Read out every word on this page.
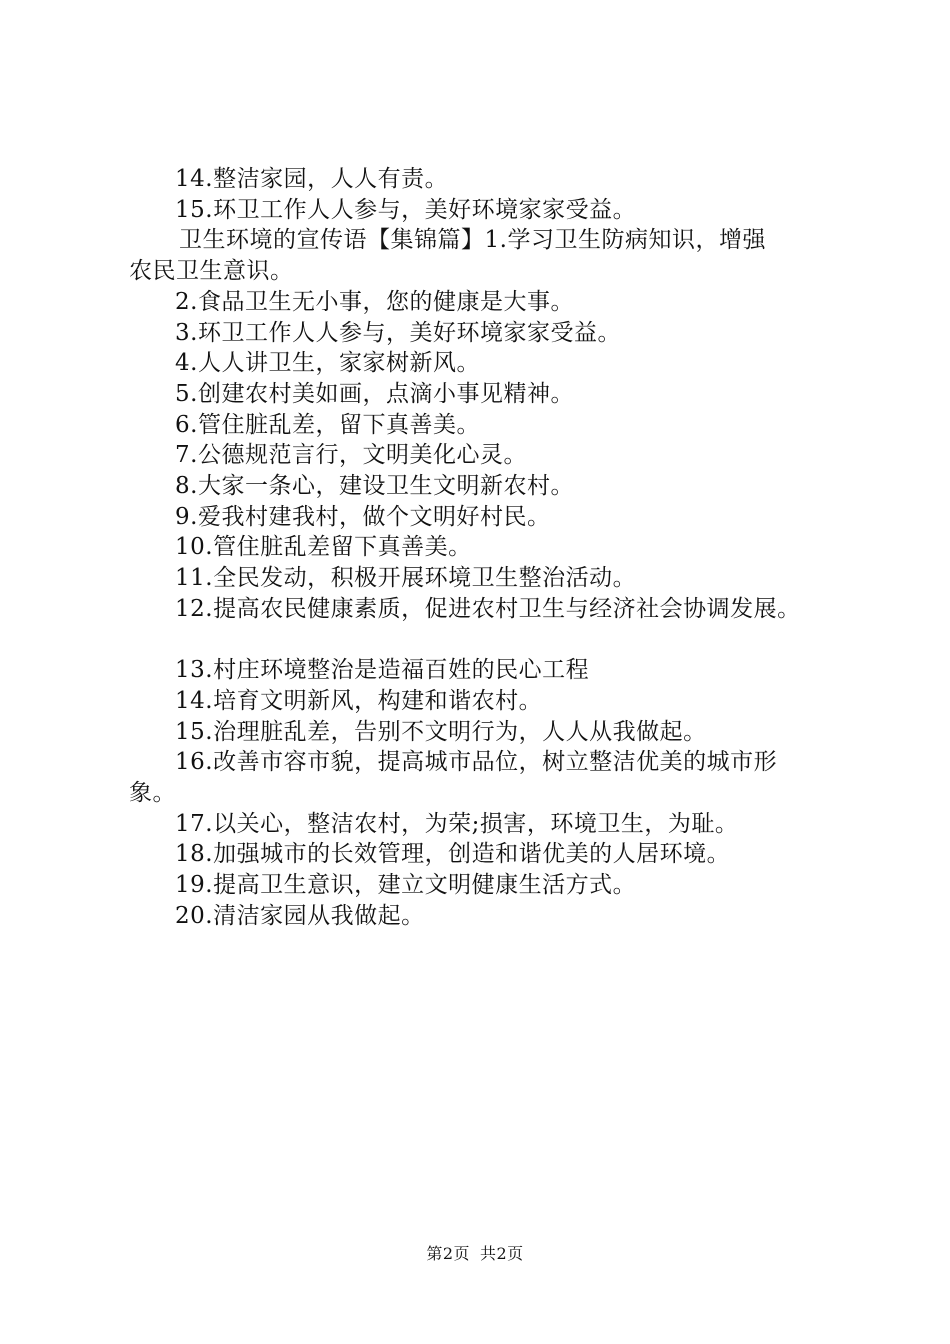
14.整洁家园，人人有责。

15.环卫工作人人参与，美好环境家家受益。

卫生环境的宣传语【集锦篇】1.学习卫生防病知识，增强

农民卫生意识。

2.食品卫生无小事，您的健康是大事。

3.环卫工作人人参与，美好环境家家受益。

4.人人讲卫生，家家树新风。

5.创建农村美如画，点滴小事见精神。

6.管住脏乱差，留下真善美。

7.公德规范言行，文明美化心灵。

8.大家一条心，建设卫生文明新农村。

9.爱我村建我村，做个文明好村民。

10.管住脏乱差留下真善美。

11.全民发动，积极开展环境卫生整治活动。

12.提高农民健康素质，促进农村卫生与经济社会协调发展。

13.村庄环境整治是造福百姓的民心工程

14.培育文明新风，构建和谐农村。

15.治理脏乱差，告别不文明行为，人人从我做起。

16.改善市容市貌，提高城市品位，树立整洁优美的城市形

象。

17.以关心，整洁农村，为荣;损害，环境卫生，为耻。

18.加强城市的长效管理，创造和谐优美的人居环境。

19.提高卫生意识，建立文明健康生活方式。

20.清洁家园从我做起。

第2页 共2页
